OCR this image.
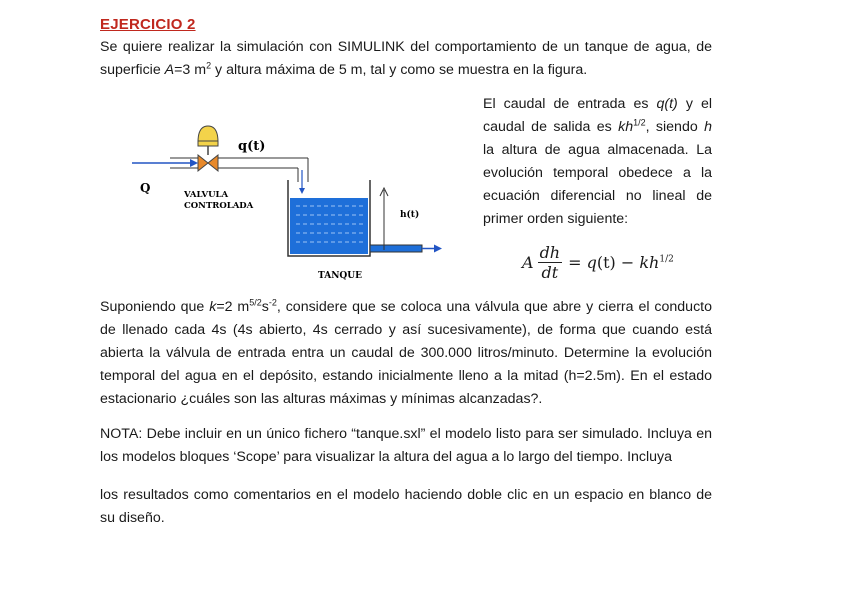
EJERCICIO 2
Se quiere realizar la simulación con SIMULINK del comportamiento de un tanque de agua, de superficie A=3 $m^2$ y altura máxima de 5 m, tal y como se muestra en la figura.
El caudal de entrada es q(t) y el caudal de salida es $kh^{1/2}$, siendo h la altura de agua almacenada. La evolución temporal obedece a la ecuación diferencial no lineal de primer orden siguiente:
A $\frac{dh}{dt} = q(t) - kh^{1/2}$
q(t)
Q	VALVULA
CONTROLADA
h(t)
TANQUE
Suponiendo que k=2 $m^{5/2}s^{-2}$, considere que se coloca una válvula que abre y cierra el conducto de llenado cada 4s (4s abierto, 4s cerrado y así sucesivamente), de forma que cuando está abierta la válvula de entrada entra un caudal de 300.000 litros/minuto. Determine la evolución temporal del agua en el depósito, estando inicialmente lleno a la mitad (h=2.5m). En el estado estacionario ¿cuáles son las alturas máximas y mínimas alcanzadas?.
NOTA: Debe incluir en un único fichero “tanque.sxl” el modelo listo para ser simulado. Incluya en los modelos bloques ‘Scope’ para visualizar la altura del agua a lo largo del tiempo. Incluya
los resultados como comentarios en el modelo haciendo doble clic en un espacio en blanco de su diseño.
